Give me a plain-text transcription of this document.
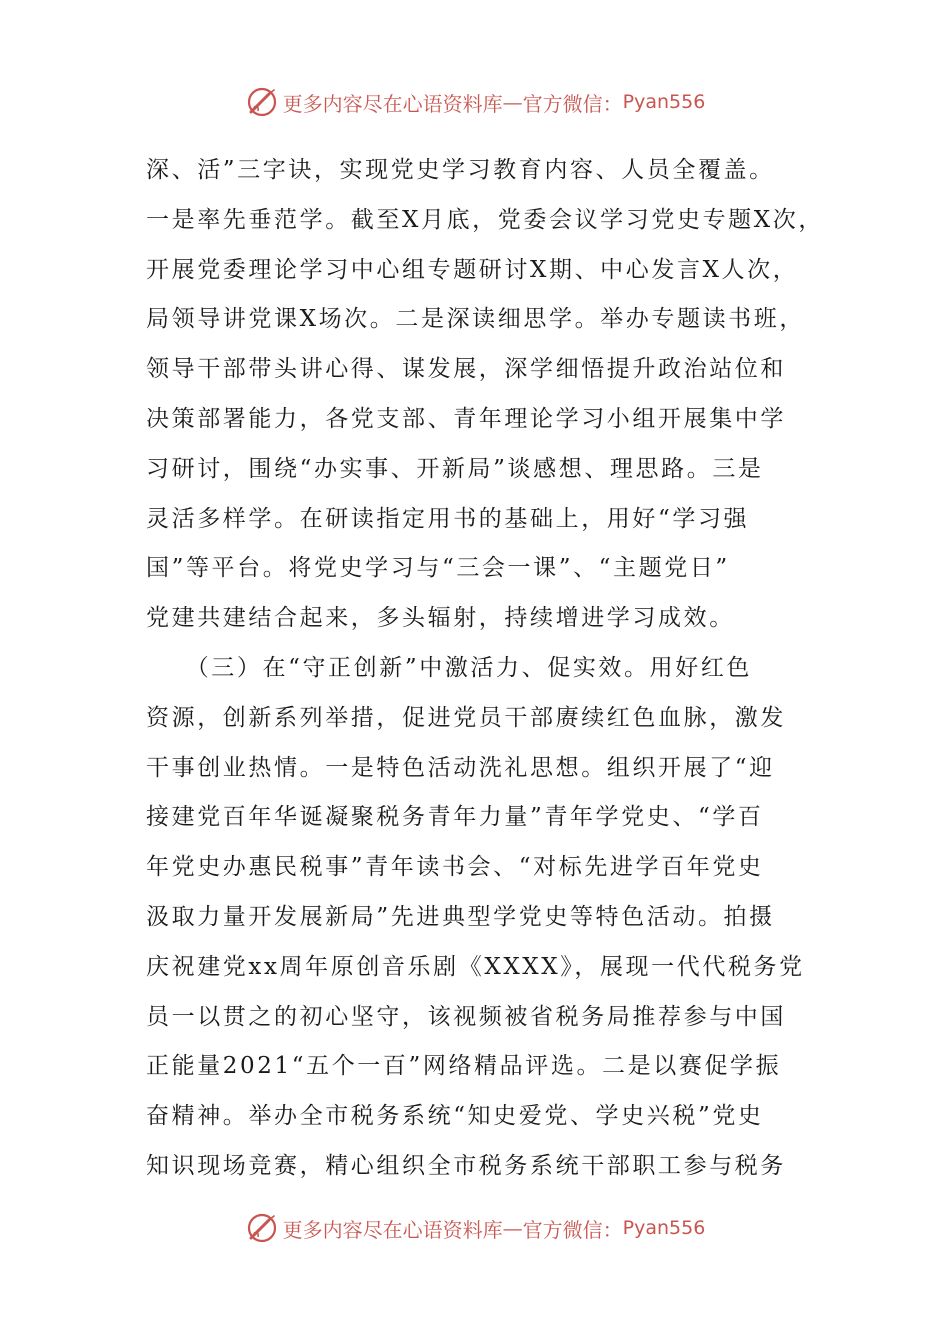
更多内容尽在心语资料库 — 官方微信： Pyan556
深、活”三字诀，实现党史学习教育内容、人员全覆盖。
一是率先垂范学。截至X月底，党委会议学习党史专题X次，
开展党委理论学习中心组专题研讨X期、中心发言X人次，
局领导讲党课X场次。二是深读细思学。举办专题读书班，
领导干部带头讲心得、谋发展，深学细悟提升政治站位和
决策部署能力，各党支部、青年理论学习小组开展集中学
习研讨，围绕“办实事、开新局”谈感想、理思路。三是
灵活多样学。在研读指定用书的基础上，用好“学习强
国”等平台。将党史学习与“三会一课”、“主题党日”
党建共建结合起来，多头辐射，持续增进学习成效。
　　（三）在“守正创新”中激活力、促实效。用好红色
资源，创新系列举措，促进党员干部赓续红色血脉，激发
干事创业热情。一是特色活动洗礼思想。组织开展了“迎
接建党百年华诞凝聚税务青年力量”青年学党史、“学百
年党史办惠民税事”青年读书会、“对标先进学百年党史
汲取力量开发展新局”先进典型学党史等特色活动。拍摄
庆祝建党xx周年原创音乐剧《XXXX》，展现一代代税务党
员一以贯之的初心坚守，该视频被省税务局推荐参与中国
正能量2021“五个一百”网络精品评选。二是以赛促学振
奋精神。举办全市税务系统“知史爱党、学史兴税”党史
知识现场竞赛，精心组织全市税务系统干部职工参与税务
更多内容尽在心语资料库 — 官方微信： Pyan556
